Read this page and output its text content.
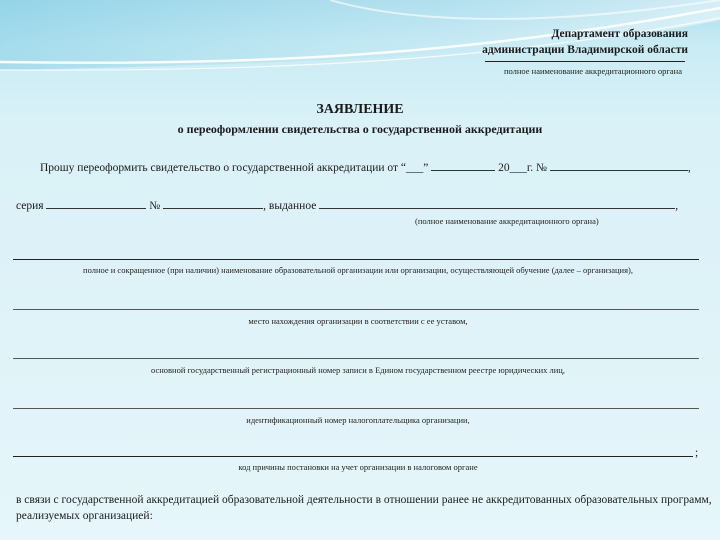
Департамент образования
администрации Владимирской области
полное наименование аккредитационного органа
ЗАЯВЛЕНИЕ
о переоформлении свидетельства о государственной аккредитации
Прошу переоформить свидетельство о государственной аккредитации от “___”	20___г. №	,
серия	№	, выданное	,
(полное наименование аккредитационного органа)
полное и сокращенное (при наличии) наименование образовательной организации или организации, осуществляющей обучение (далее – организация),
место нахождения организации в соответствии с ее уставом,
основной государственный регистрационный номер записи в Едином государственном реестре юридических лиц,
идентификационный номер налогоплательщика организации,
;
код причины постановки на учет организации в налоговом органе
в связи с государственной аккредитацией образовательной деятельности в отношении ранее не аккредитованных образовательных программ,
реализуемых организацией:
